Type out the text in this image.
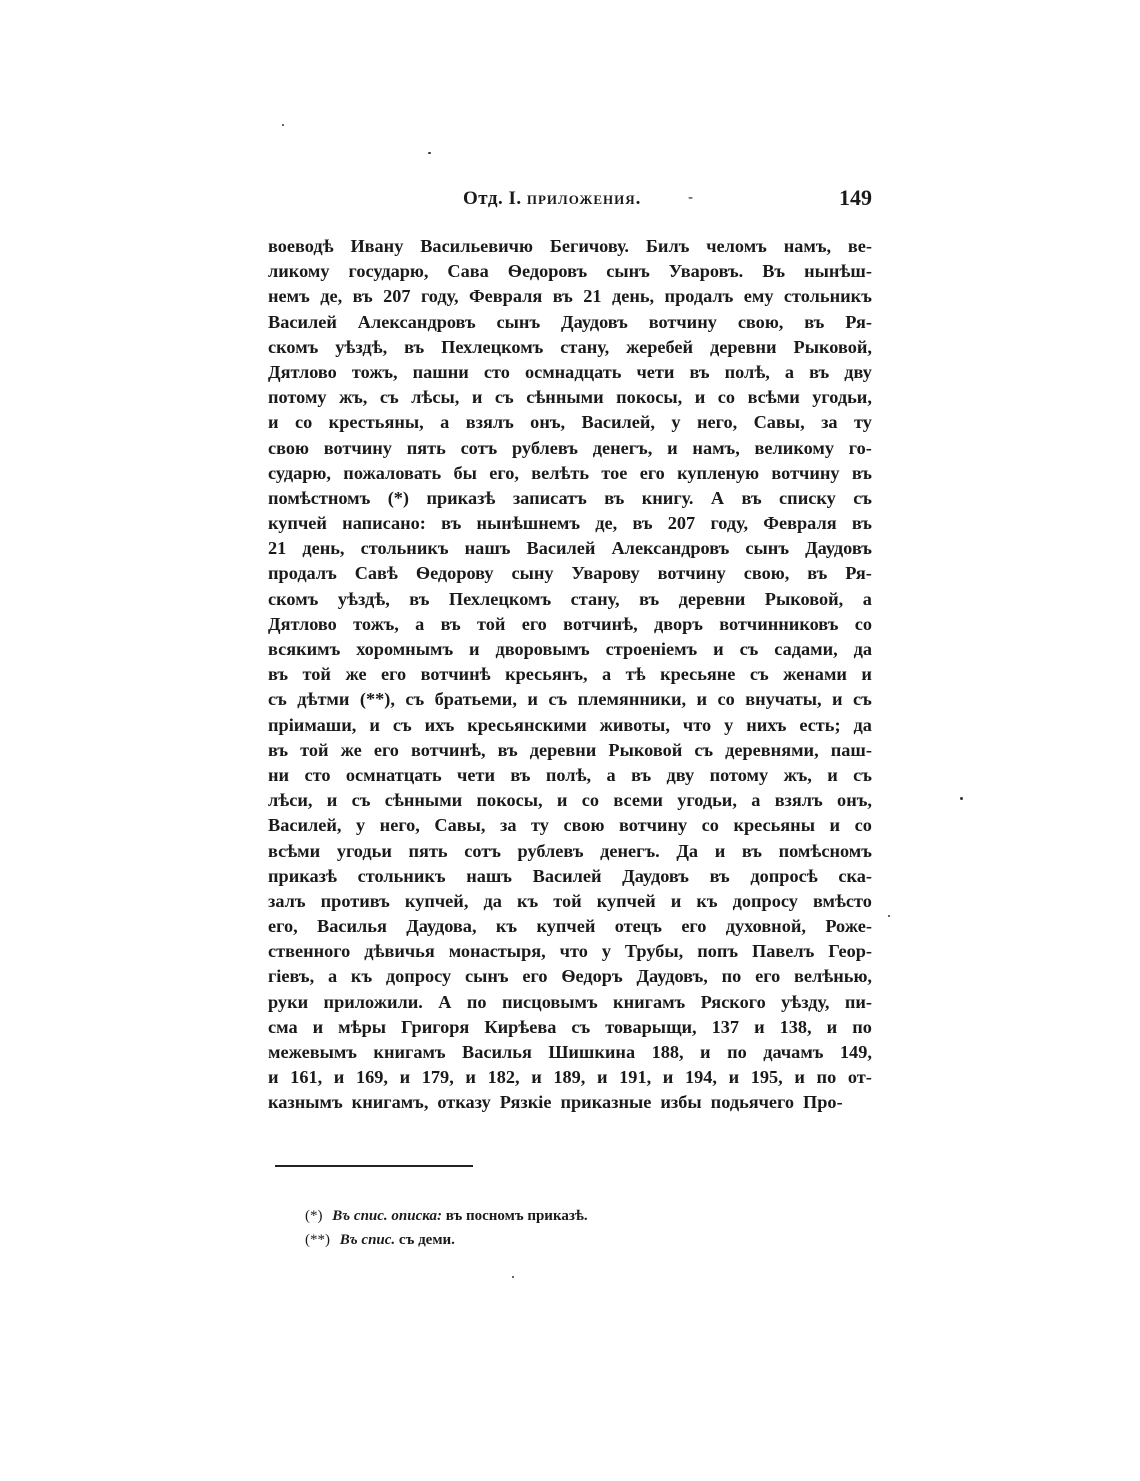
Отд. I. приложения.	-	149
воеводѣ Ивану Васильевичю Бегичову. Билъ челомъ намъ, ве-
ликому государю, Сава Ѳедоровъ сынъ Уваровъ. Въ нынѣш-
немъ де, въ 207 году, Февраля въ 21 день, продалъ ему стольникъ
Василей Александровъ сынъ Даудовъ вотчину свою, въ Ря-
скомъ уѣздѣ, въ Пехлецкомъ стану, жеребей деревни Рыковой,
Дятлово тожъ, пашни сто осмнадцать чети въ полѣ, а въ дву
потому жъ, съ лѣсы, и съ сѣнными покосы, и со всѣми угодьи,
и со крестьяны, а взялъ онъ, Василей, у него, Савы, за ту
свою вотчину пять сотъ рублевъ денегъ, и намъ, великому го-
сударю, пожаловать бы его, велѣть тое его купленую вотчину въ
помѣстномъ (*) приказѣ записатъ въ книгу. А въ списку съ
купчей написано: въ нынѣшнемъ де, въ 207 году, Февраля въ
21 день, стольникъ нашъ Василей Александровъ сынъ Даудовъ
продалъ Савѣ Ѳедорову сыну Уварову вотчину свою, въ Ря-
скомъ уѣздѣ, въ Пехлецкомъ стану, въ деревни Рыковой, а
Дятлово тожъ, а въ той его вотчинѣ, дворъ вотчинниковъ со
всякимъ хоромнымъ и дворовымъ строеніемъ и съ садами, да
въ той же его вотчинѣ кресьянъ, а тѣ кресьяне съ женами и
съ дѣтми (**), съ братьеми, и съ племянники, и со внучаты, и съ
пріимаши, и съ ихъ кресьянскими животы, что у нихъ есть; да
въ той же его вотчинѣ, въ деревни Рыковой съ деревнями, паш-
ни сто осмнатцать чети въ полѣ, а въ дву потому жъ, и съ
лѣси, и съ сѣнными покосы, и со всеми угодьи, а взялъ онъ,
Василей, у него, Савы, за ту свою вотчину со кресьяны и со
всѣми угодьи пять сотъ рублевъ денегъ. Да и въ помѣсномъ
приказѣ стольникъ нашъ Василей Даудовъ въ допросѣ ска-
залъ противъ купчей, да къ той купчей и къ допросу вмѣсто
его, Василья Даудова, къ купчей отецъ его духовной, Роже-
ственного дѣвичья монастыря, что у Трубы, попъ Павелъ Геор-
гіевъ, а къ допросу сынъ его Ѳедоръ Даудовъ, по его велѣнью,
руки приложили. А по писцовымъ книгамъ Ряского уѣзду, пи-
сма и мѣры Григоря Кирѣева съ товарыщи, 137 и 138, и по
межевымъ книгамъ Василья Шишкина 188, и по дачамъ 149,
и 161, и 169, и 179, и 182, и 189, и 191, и 194, и 195, и по от-
казнымъ книгамъ, отказу Рязкіе приказные избы подьячего Про-
(*) Въ спис. описка: въ посномъ приказѣ.
(**) Въ спис. съ деми.
